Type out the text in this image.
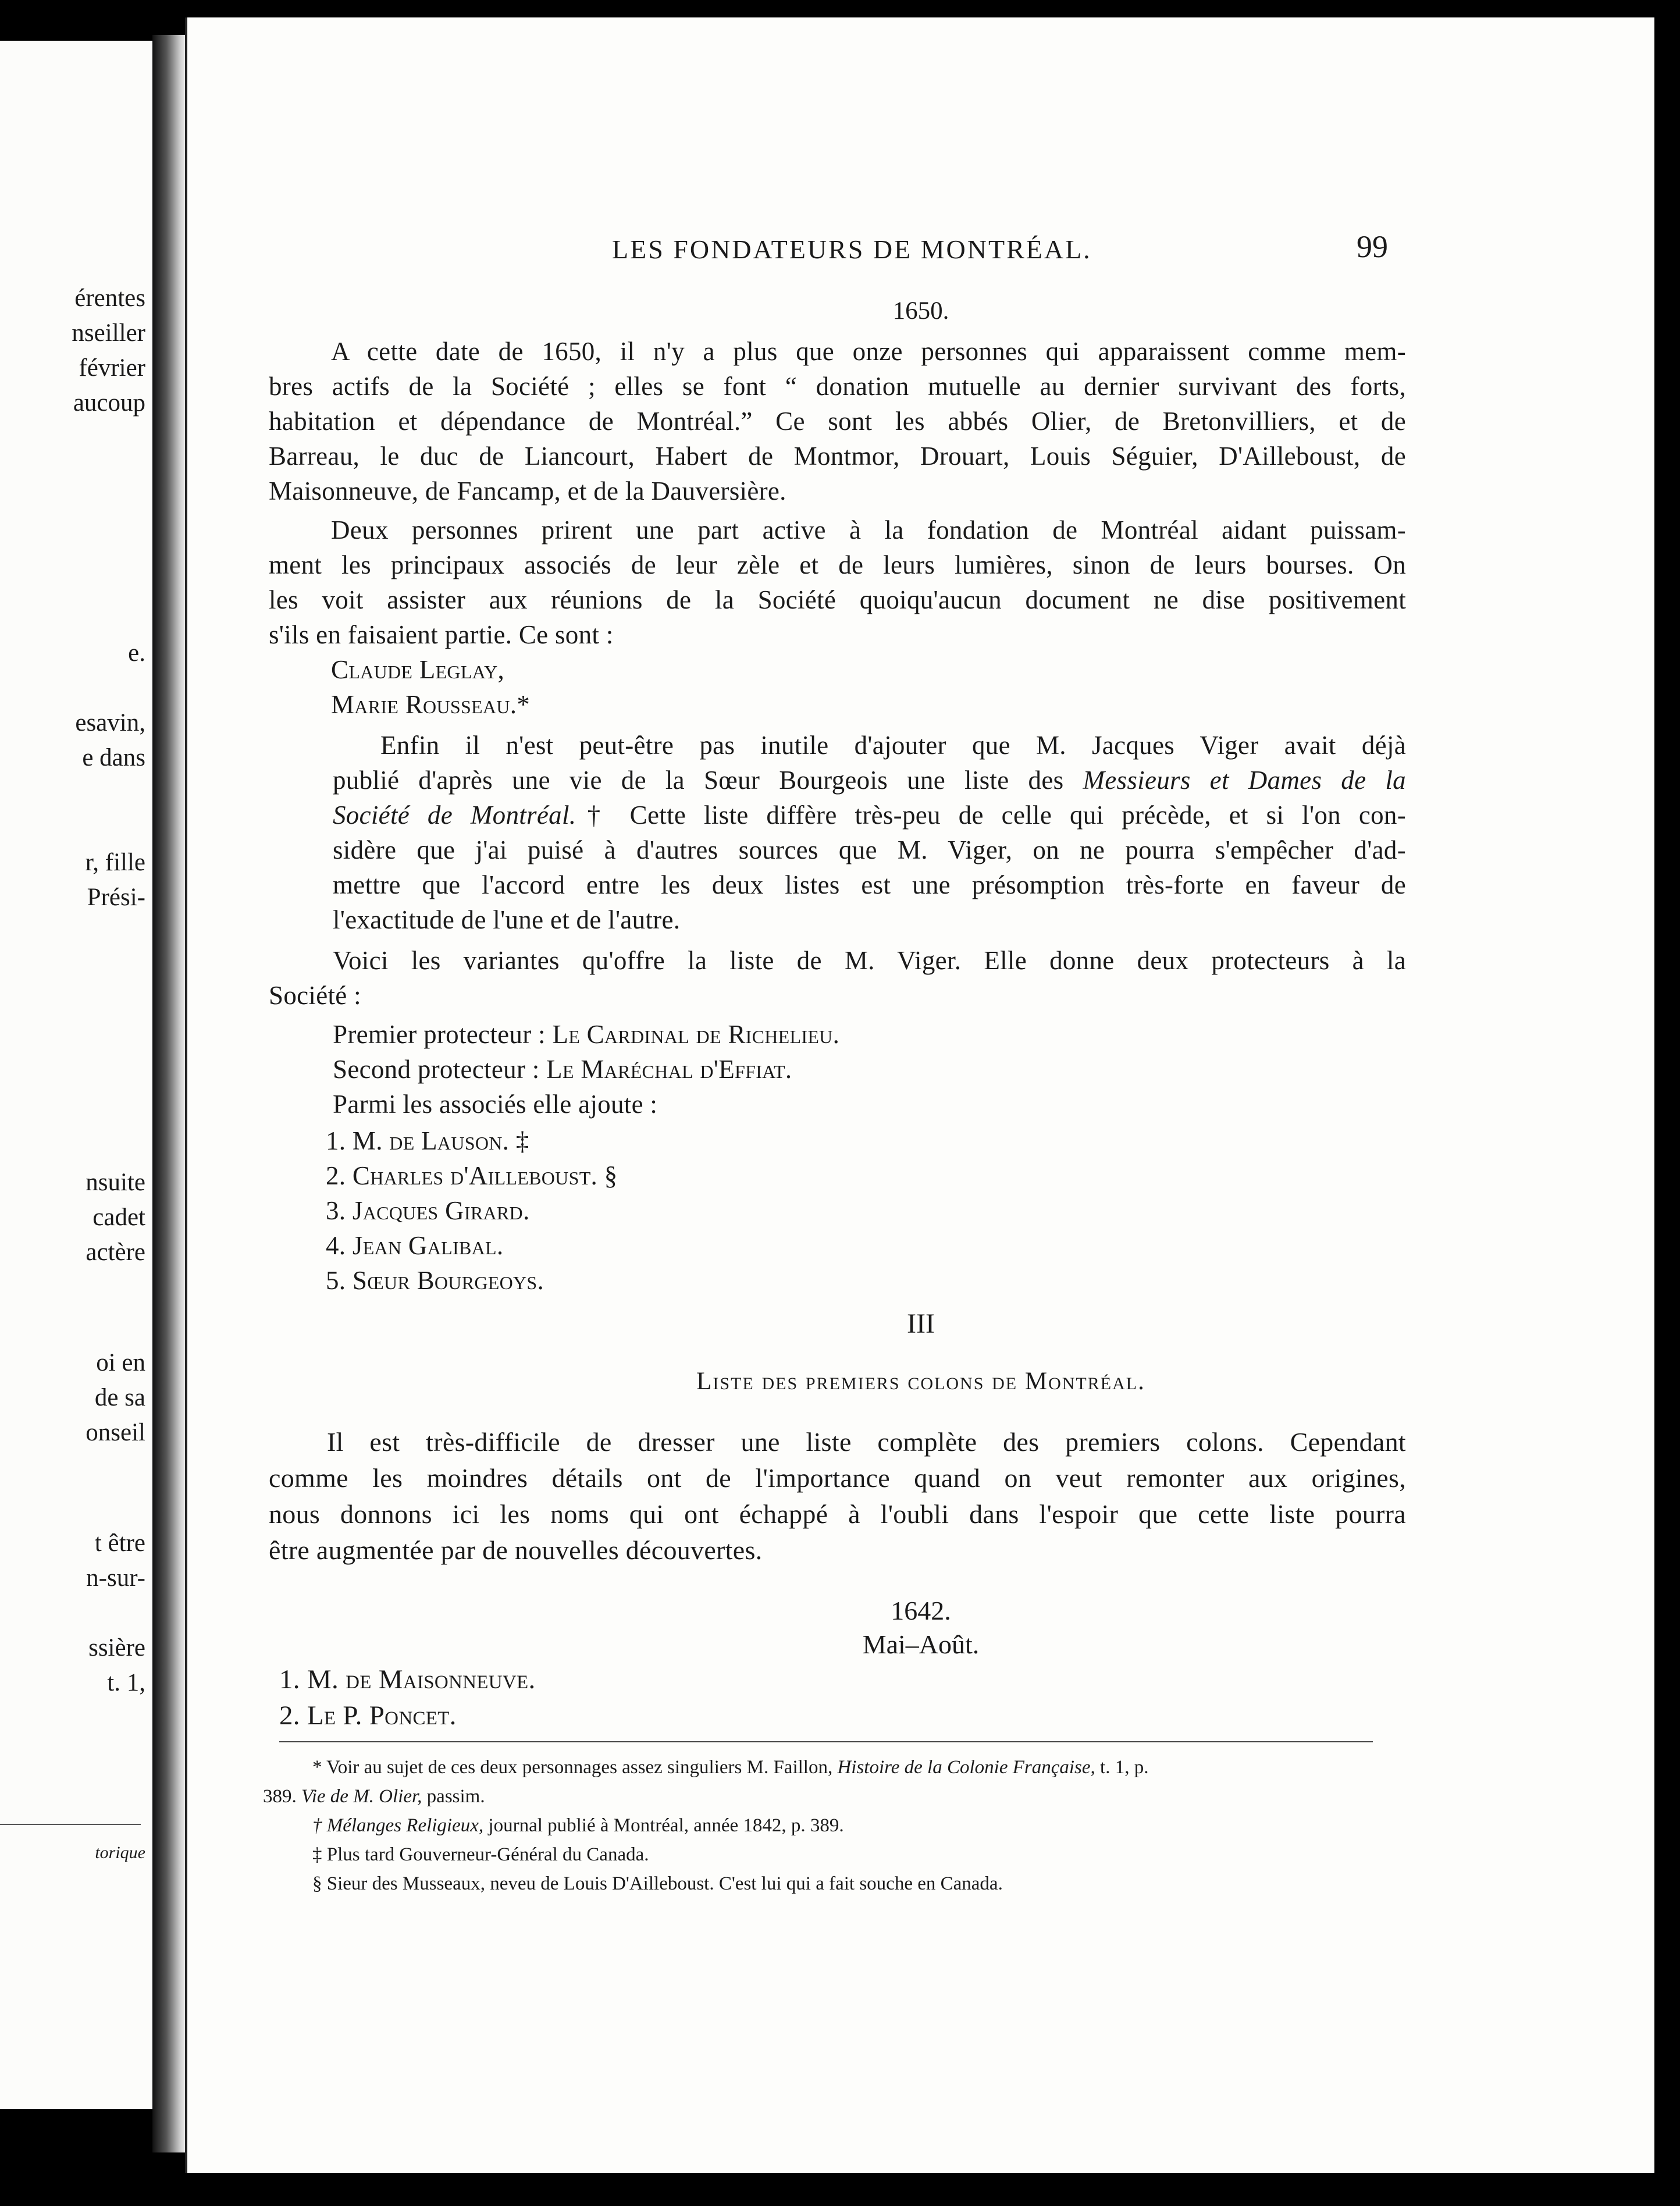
érentes
nseiller
février
aucoup
e.
esavin,
e dans
r, fille
Prési-
nsuite
cadet
actère
oi en
de sa
onseil
t être
n-sur-
ssière
t. 1,
torique
LES FONDATEURS DE MONTRÉAL.	99
1650.
A cette date de 1650, il n'y a plus que onze personnes qui apparaissent comme mem-
bres actifs de la Société ; elles se font “ donation mutuelle au dernier survivant des forts,
habitation et dépendance de Montréal.” Ce sont les abbés Olier, de Bretonvilliers, et de
Barreau, le duc de Liancourt, Habert de Montmor, Drouart, Louis Séguier, D'Ailleboust, de
Maisonneuve, de Fancamp, et de la Dauversière.
Deux personnes prirent une part active à la fondation de Montréal aidant puissam-
ment les principaux associés de leur zèle et de leurs lumières, sinon de leurs bourses. On
les voit assister aux réunions de la Société quoiqu'aucun document ne dise positivement
s'ils en faisaient partie. Ce sont :
Claude Leglay,
Marie Rousseau.*
Enfin il n'est peut-être pas inutile d'ajouter que M. Jacques Viger avait déjà
publié d'après une vie de la Sœur Bourgeois une liste des Messieurs et Dames de la
Société de Montréal.† Cette liste diffère très-peu de celle qui précède, et si l'on con-
sidère que j'ai puisé à d'autres sources que M. Viger, on ne pourra s'empêcher d'ad-
mettre que l'accord entre les deux listes est une présomption très-forte en faveur de
l'exactitude de l'une et de l'autre.
Voici les variantes qu'offre la liste de M. Viger. Elle donne deux protecteurs à la
Société :
Premier protecteur : Le Cardinal de Richelieu.
Second protecteur : Le Maréchal d'Effiat.
Parmi les associés elle ajoute :
1. M. de Lauson. ‡
2. Charles d'Ailleboust. §
3. Jacques Girard.
4. Jean Galibal.
5. Sœur Bourgeoys.
III
Liste des premiers colons de Montréal.
Il est très-difficile de dresser une liste complète des premiers colons. Cependant
comme les moindres détails ont de l'importance quand on veut remonter aux origines,
nous donnons ici les noms qui ont échappé à l'oubli dans l'espoir que cette liste pourra
être augmentée par de nouvelles découvertes.
1642.
Mai–Août.
1. M. de Maisonneuve.
2. Le P. Poncet.
* Voir au sujet de ces deux personnages assez singuliers M. Faillon, Histoire de la Colonie Française, t. 1, p.
389. Vie de M. Olier, passim.
† Mélanges Religieux, journal publié à Montréal, année 1842, p. 389.
‡ Plus tard Gouverneur-Général du Canada.
§ Sieur des Musseaux, neveu de Louis D'Ailleboust. C'est lui qui a fait souche en Canada.
